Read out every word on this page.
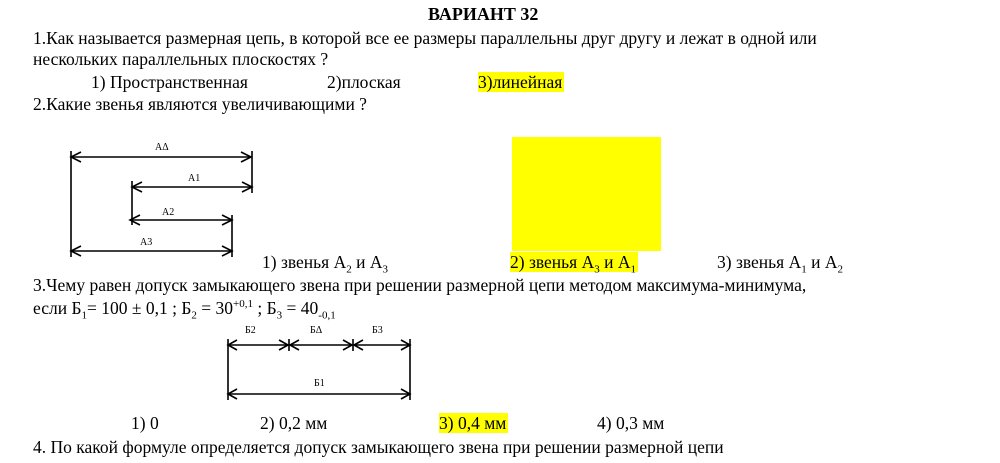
ВАРИАНТ 32
1.Как называется размерная цепь, в которой все ее размеры параллельны друг другу и лежат в одной или
нескольких параллельных плоскостях ?
1) Пространственная	2)плоская	3)линейная
2.Какие звенья являются увеличивающими ?
AΔ
A1
A2
A3
1) звенья $A_2$ и $A_3$	2) звенья $A_3$ и $A_1$	3) звенья $A_1$ и $A_2$
3.Чему равен допуск замыкающего звена при решении размерной цепи методом максимума-минимума,
если $Б_1= 100 \pm 0,1$ ; $Б_2 = 30^{+0,1}$ ; $Б_3 = 40_{-0,1}$
Б2	БΔ	Б3
Б1
1) 0	2) 0,2 мм	3) 0,4 мм	4) 0,3 мм
4. По какой формуле определяется допуск замыкающего звена при решении размерной цепи
